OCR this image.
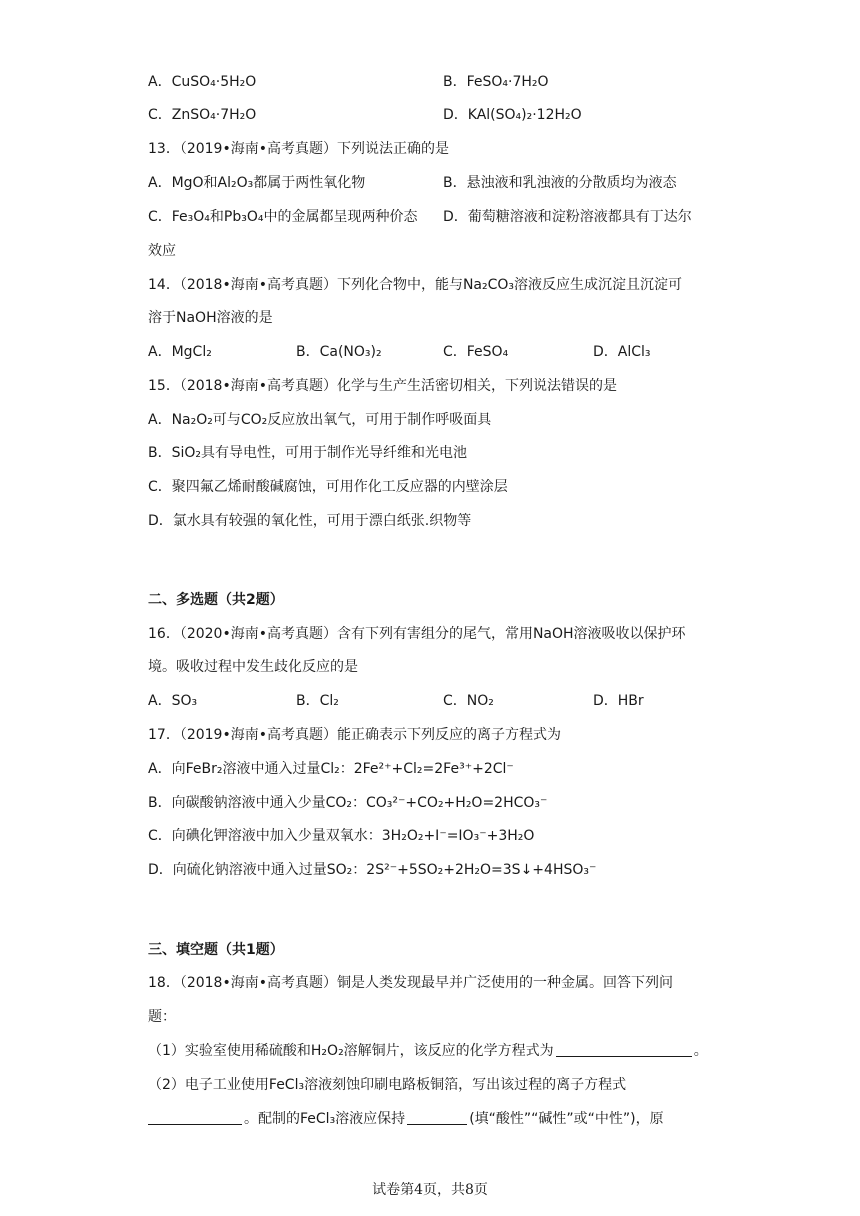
A．CuSO₄·5H₂O	B．FeSO₄·7H₂O
C．ZnSO₄·7H₂O	D．KAl(SO₄)₂·12H₂O
13．（2019•海南•高考真题）下列说法正确的是
A．MgO和Al₂O₃都属于两性氧化物	B．悬浊液和乳浊液的分散质均为液态
C．Fe₃O₄和Pb₃O₄中的金属都呈现两种价态 D．葡萄糖溶液和淀粉溶液都具有丁达尔
效应
14．（2018•海南•高考真题）下列化合物中，能与Na₂CO₃溶液反应生成沉淀且沉淀可
溶于NaOH溶液的是
A．MgCl₂	B．Ca(NO₃)₂	C．FeSO₄	D．AlCl₃
15．（2018•海南•高考真题）化学与生产生活密切相关，下列说法错误的是
A．Na₂O₂可与CO₂反应放出氧气，可用于制作呼吸面具
B．SiO₂具有导电性，可用于制作光导纤维和光电池
C．聚四氟乙烯耐酸碱腐蚀，可用作化工反应器的内壁涂层
D．氯水具有较强的氧化性，可用于漂白纸张.织物等
二、多选题（共2题）
16．（2020•海南•高考真题）含有下列有害组分的尾气，常用NaOH溶液吸收以保护环
境。吸收过程中发生歧化反应的是
A．SO₃	B．Cl₂	C．NO₂	D．HBr
17．（2019•海南•高考真题）能正确表示下列反应的离子方程式为
A．向FeBr₂溶液中通入过量Cl₂：2Fe²⁺+Cl₂=2Fe³⁺+2Cl⁻
B．向碳酸钠溶液中通入少量CO₂：CO₃²⁻+CO₂+H₂O=2HCO₃⁻
C．向碘化钾溶液中加入少量双氧水：3H₂O₂+I⁻=IO₃⁻+3H₂O
D．向硫化钠溶液中通入过量SO₂：2S²⁻+5SO₂+2H₂O=3S↓+4HSO₃⁻
三、填空题（共1题）
18．（2018•海南•高考真题）铜是人类发现最早并广泛使用的一种金属。回答下列问
题：
（1）实验室使用稀硫酸和H₂O₂溶解铜片，该反应的化学方程式为	。
（2）电子工业使用FeCl₃溶液刻蚀印刷电路板铜箔，写出该过程的离子方程式
。配制的FeCl₃溶液应保持	(填“酸性”“碱性”或“中性”)，原
试卷第4页，共8页
